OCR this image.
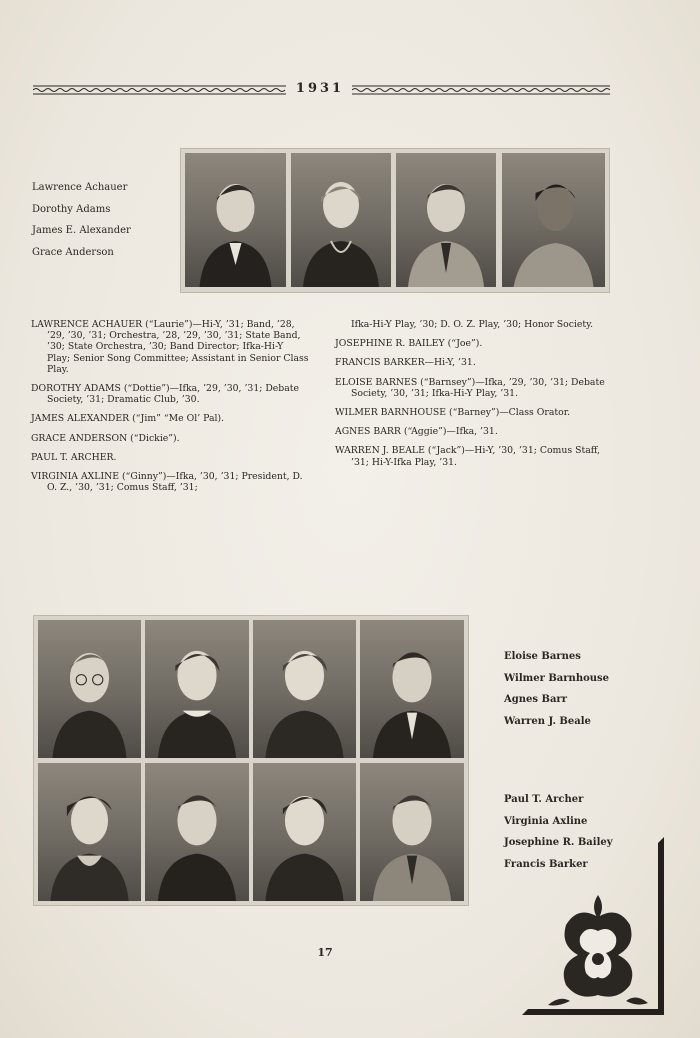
1931
Lawrence Achauer
Dorothy Adams
James E. Alexander
Grace Anderson

LAWRENCE ACHAUER (“Laurie”)—Hi-Y, ’31; Band, ’28, ’29, ’30, ’31; Orchestra, ’28, ’29, ’30, ’31; State Band, ’30; State Orchestra, ’30; Band Director; Ifka-Hi-Y Play; Senior Song Committee; Assistant in Senior Class Play.

DOROTHY ADAMS (“Dottie”)—Ifka, ’29, ’30, ’31; Debate Society, ’31; Dramatic Club, ’30.

JAMES ALEXANDER (“Jim” “Me Ol’ Pal).

GRACE ANDERSON (“Dickie”).

PAUL T. ARCHER.

VIRGINIA AXLINE (“Ginny”)—Ifka, ’30, ’31; President, D. O. Z., ’30, ’31; Comus Staff, ’31;

Ifka-Hi-Y Play, ’30; D. O. Z. Play, ’30; Honor Society.

JOSEPHINE R. BAILEY (“Joe”).

FRANCIS BARKER—Hi-Y, ’31.

ELOISE BARNES (“Barnsey”)—Ifka, ’29, ’30, ’31; Debate Society, ’30, ’31; Ifka-Hi-Y Play, ’31.

WILMER BARNHOUSE (“Barney”)—Class Orator.

AGNES BARR (“Aggie”)—Ifka, ’31.

WARREN J. BEALE (“Jack”)—Hi-Y, ’30, ’31; Comus Staff, ’31; Hi-Y-Ifka Play, ’31.

Eloise Barnes
Wilmer Barnhouse
Agnes Barr
Warren J. Beale
Paul T. Archer
Virginia Axline
Josephine R. Bailey
Francis Barker
17
